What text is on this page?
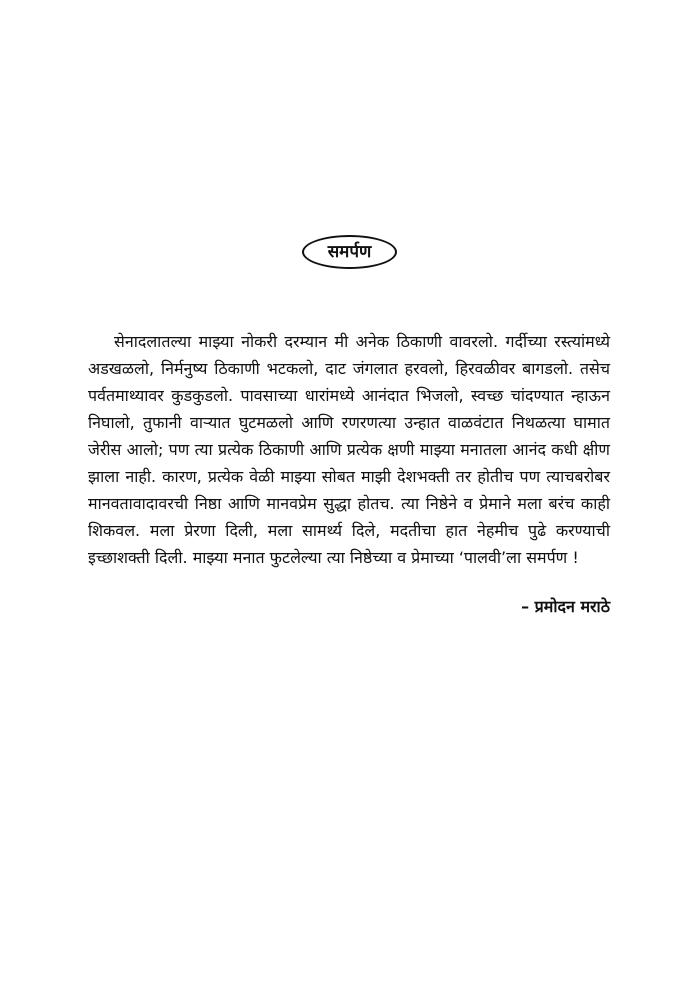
समर्पण

सेनादलातल्या माझ्या नोकरी दरम्यान मी अनेक ठिकाणी वावरलो. गर्दीच्या रस्त्यांमध्ये अडखळलो, निर्मनुष्य ठिकाणी भटकलो, दाट जंगलात हरवलो, हिरवळीवर बागडलो. तसेच पर्वतमाथ्यावर कुडकुडलो. पावसाच्या धारांमध्ये आनंदात भिजलो, स्वच्छ चांदण्यात न्हाऊन निघालो, तुफानी वाऱ्यात घुटमळलो आणि रणरणत्या उन्हात वाळवंटात निथळत्या घामात जेरीस आलो; पण त्या प्रत्येक ठिकाणी आणि प्रत्येक क्षणी माझ्या मनातला आनंद कधी क्षीण झाला नाही. कारण, प्रत्येक वेळी माझ्या सोबत माझी देशभक्ती तर होतीच पण त्याचबरोबर मानवतावादावरची निष्ठा आणि मानवप्रेम सुद्धा होतच. त्या निष्ठेने व प्रेमाने मला बरंच काही शिकवल. मला प्रेरणा दिली, मला सामर्थ्य दिले, मदतीचा हात नेहमीच पुढे करण्याची इच्छाशक्ती दिली. माझ्या मनात फुटलेल्या त्या निष्ठेच्या व प्रेमाच्या ‘पालवी’ला समर्पण !

– प्रमोदन मराठे
